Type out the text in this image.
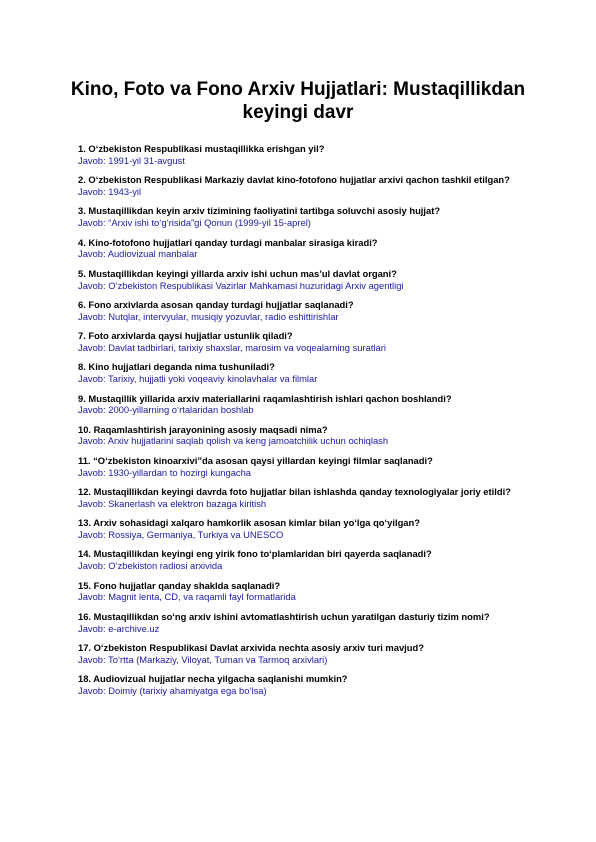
Kino, Foto va Fono Arxiv Hujjatlari: Mustaqillikdan keyingi davr

1. O‘zbekiston Respublikasi mustaqillikka erishgan yil?

Javob: 1991-yil 31-avgust

2. O‘zbekiston Respublikasi Markaziy davlat kino-fotofono hujjatlar arxivi qachon tashkil etilgan?

Javob: 1943-yil

3. Mustaqillikdan keyin arxiv tizimining faoliyatini tartibga soluvchi asosiy hujjat?

Javob: “Arxiv ishi to‘g‘risida”gi Qonun (1999-yil 15-aprel)

4. Kino-fotofono hujjatlari qanday turdagi manbalar sirasiga kiradi?

Javob: Audiovizual manbalar

5. Mustaqillikdan keyingi yillarda arxiv ishi uchun mas’ul davlat organi?

Javob: O‘zbekiston Respublikasi Vazirlar Mahkamasi huzuridagi Arxiv agentligi

6. Fono arxivlarda asosan qanday turdagi hujjatlar saqlanadi?

Javob: Nutqlar, intervyular, musiqiy yozuvlar, radio eshittirishlar

7. Foto arxivlarda qaysi hujjatlar ustunlik qiladi?

Javob: Davlat tadbirlari, tarixiy shaxslar, marosim va voqealarning suratlari

8. Kino hujjatlari deganda nima tushuniladi?

Javob: Tarixiy, hujjatli yoki voqeaviy kinolavhalar va filmlar

9. Mustaqillik yillarida arxiv materiallarini raqamlashtirish ishlari qachon boshlandi?

Javob: 2000-yillarning o‘rtalaridan boshlab

10. Raqamlashtirish jarayonining asosiy maqsadi nima?

Javob: Arxiv hujjatlarini saqlab qolish va keng jamoatchilik uchun ochiqlash

11. “O‘zbekiston kinoarxivi”da asosan qaysi yillardan keyingi filmlar saqlanadi?

Javob: 1930-yillardan to hozirgi kungacha

12. Mustaqillikdan keyingi davrda foto hujjatlar bilan ishlashda qanday texnologiyalar joriy etildi?

Javob: Skanerlash va elektron bazaga kiritish

13. Arxiv sohasidagi xalqaro hamkorlik asosan kimlar bilan yo‘lga qo‘yilgan?

Javob: Rossiya, Germaniya, Turkiya va UNESCO

14. Mustaqillikdan keyingi eng yirik fono to‘plamlaridan biri qayerda saqlanadi?

Javob: O‘zbekiston radiosi arxivida

15. Fono hujjatlar qanday shaklda saqlanadi?

Javob: Magnit lenta, CD, va raqamli fayl formatlarida

16. Mustaqillikdan so‘ng arxiv ishini avtomatlashtirish uchun yaratilgan dasturiy tizim nomi?

Javob: e-archive.uz

17. O‘zbekiston Respublikasi Davlat arxivida nechta asosiy arxiv turi mavjud?

Javob: To‘rtta (Markaziy, Viloyat, Tuman va Tarmoq arxivlari)

18. Audiovizual hujjatlar necha yilgacha saqlanishi mumkin?

Javob: Doimiy (tarixiy ahamiyatga ega bo‘lsa)
